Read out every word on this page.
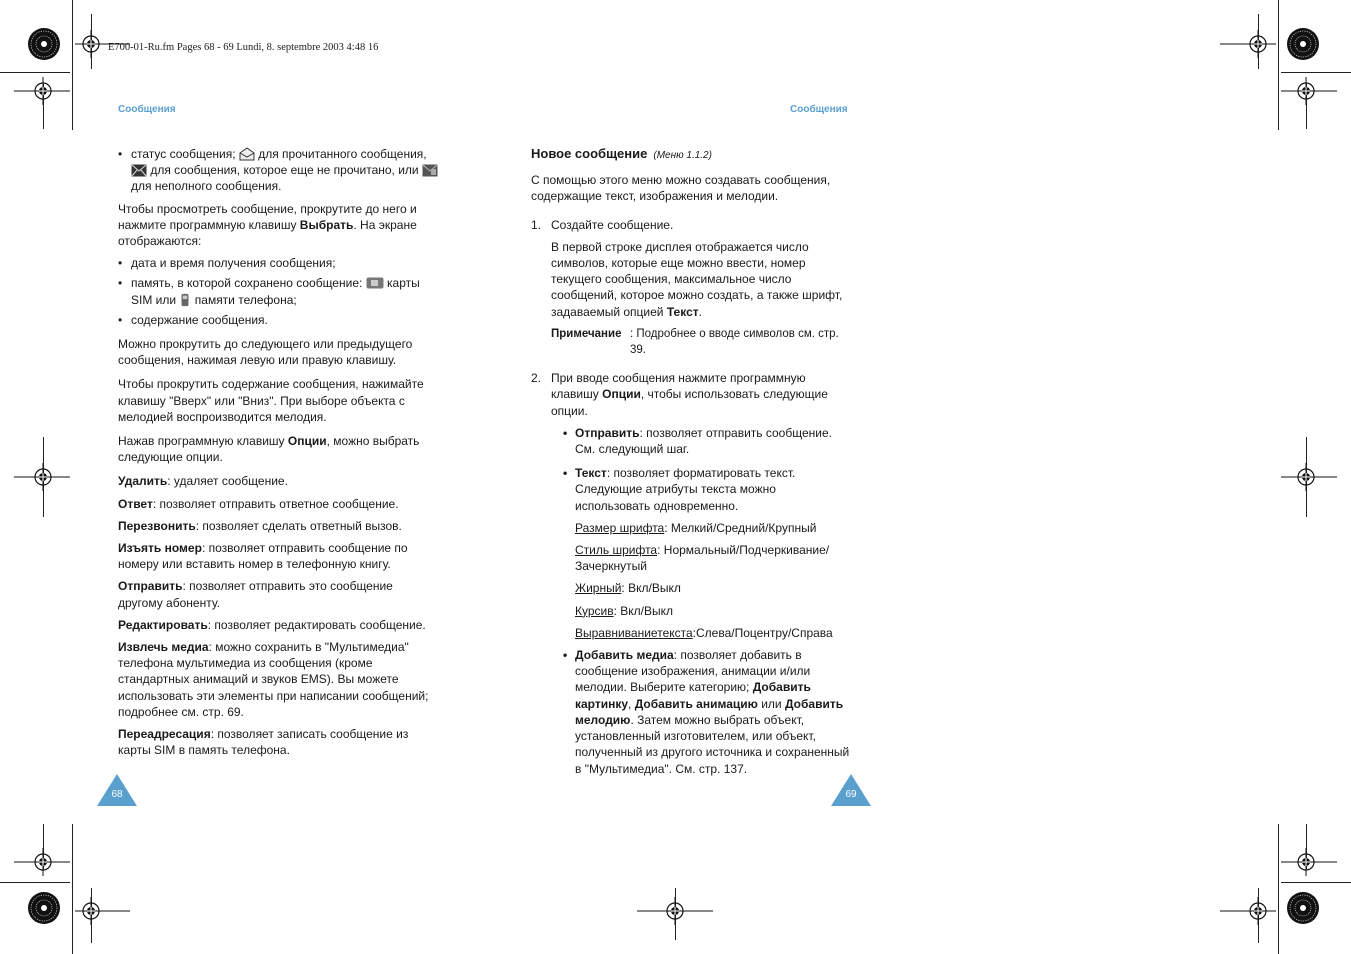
E700-01-Ru.fm Pages 68 - 69 Lundi, 8. septembre 2003 4:48 16
Сообщения	Сообщения
68	69
• статус сообщения; для прочитанного сообщения,  для сообщения, которое еще не прочитано, или  для неполного сообщения.

Чтобы просмотреть сообщение, прокрутите до него и нажмите программную клавишу Выбрать. На экране отображаются:

• дата и время получения сообщения;
• память, в которой сохранено сообщение: карты SIM или памяти телефона;
• содержание сообщения.

Можно прокрутить до следующего или предыдущего сообщения, нажимая левую или правую клавишу.

Чтобы прокрутить содержание сообщения, нажимайте клавишу "Вверх" или "Вниз". При выборе объекта с мелодией воспроизводится мелодия.

Нажав программную клавишу Опции, можно выбрать следующие опции.

Удалить: удаляет сообщение.

Ответ: позволяет отправить ответное сообщение.

Перезвонить: позволяет сделать ответный вызов.

Изъять номер: позволяет отправить сообщение по номеру или вставить номер в телефонную книгу.

Отправить: позволяет отправить это сообщение другому абоненту.

Редактировать: позволяет редактировать сообщение.

Извлечь медиа: можно сохранить в "Мультимедиа" телефона мультимедиа из сообщения (кроме стандартных анимаций и звуков EMS). Вы можете использовать эти элементы при написании сообщений; подробнее см. стр. 69.

Переадресация: позволяет записать сообщение из карты SIM в память телефона.

Новое сообщение (Меню 1.1.2)

С помощью этого меню можно создавать сообщения, содержащие текст, изображения и мелодии.

1. Создайте сообщение.

В первой строке дисплея отображается число символов, которые еще можно ввести, номер текущего сообщения, максимальное число сообщений, которое можно создать, а также шрифт, задаваемый опцией Текст.

Примечание : Подробнее о вводе символов см. стр. 39.
2. При вводе сообщения нажмите программную клавишу Опции, чтобы использовать следующие опции.
• Отправить: позволяет отправить сообщение. См. следующий шаг.
• Текст: позволяет форматировать текст. Следующие атрибуты текста можно использовать одновременно.
Размер шрифта: Мелкий/Средний/Крупный
Стиль шрифта: Нормальный/Подчеркивание/ Зачеркнутый
Жирный: Вкл/Выкл
Курсив: Вкл/Выкл
Выравниваниетекста:Слева/Поцентру/Справа
• Добавить медиа: позволяет добавить в сообщение изображения, анимации и/или мелодии. Выберите категорию; Добавить картинку, Добавить анимацию или Добавить мелодию. Затем можно выбрать объект, установленный изготовителем, или объект, полученный из другого источника и сохраненный в "Мультимедиа". См. стр. 137.
